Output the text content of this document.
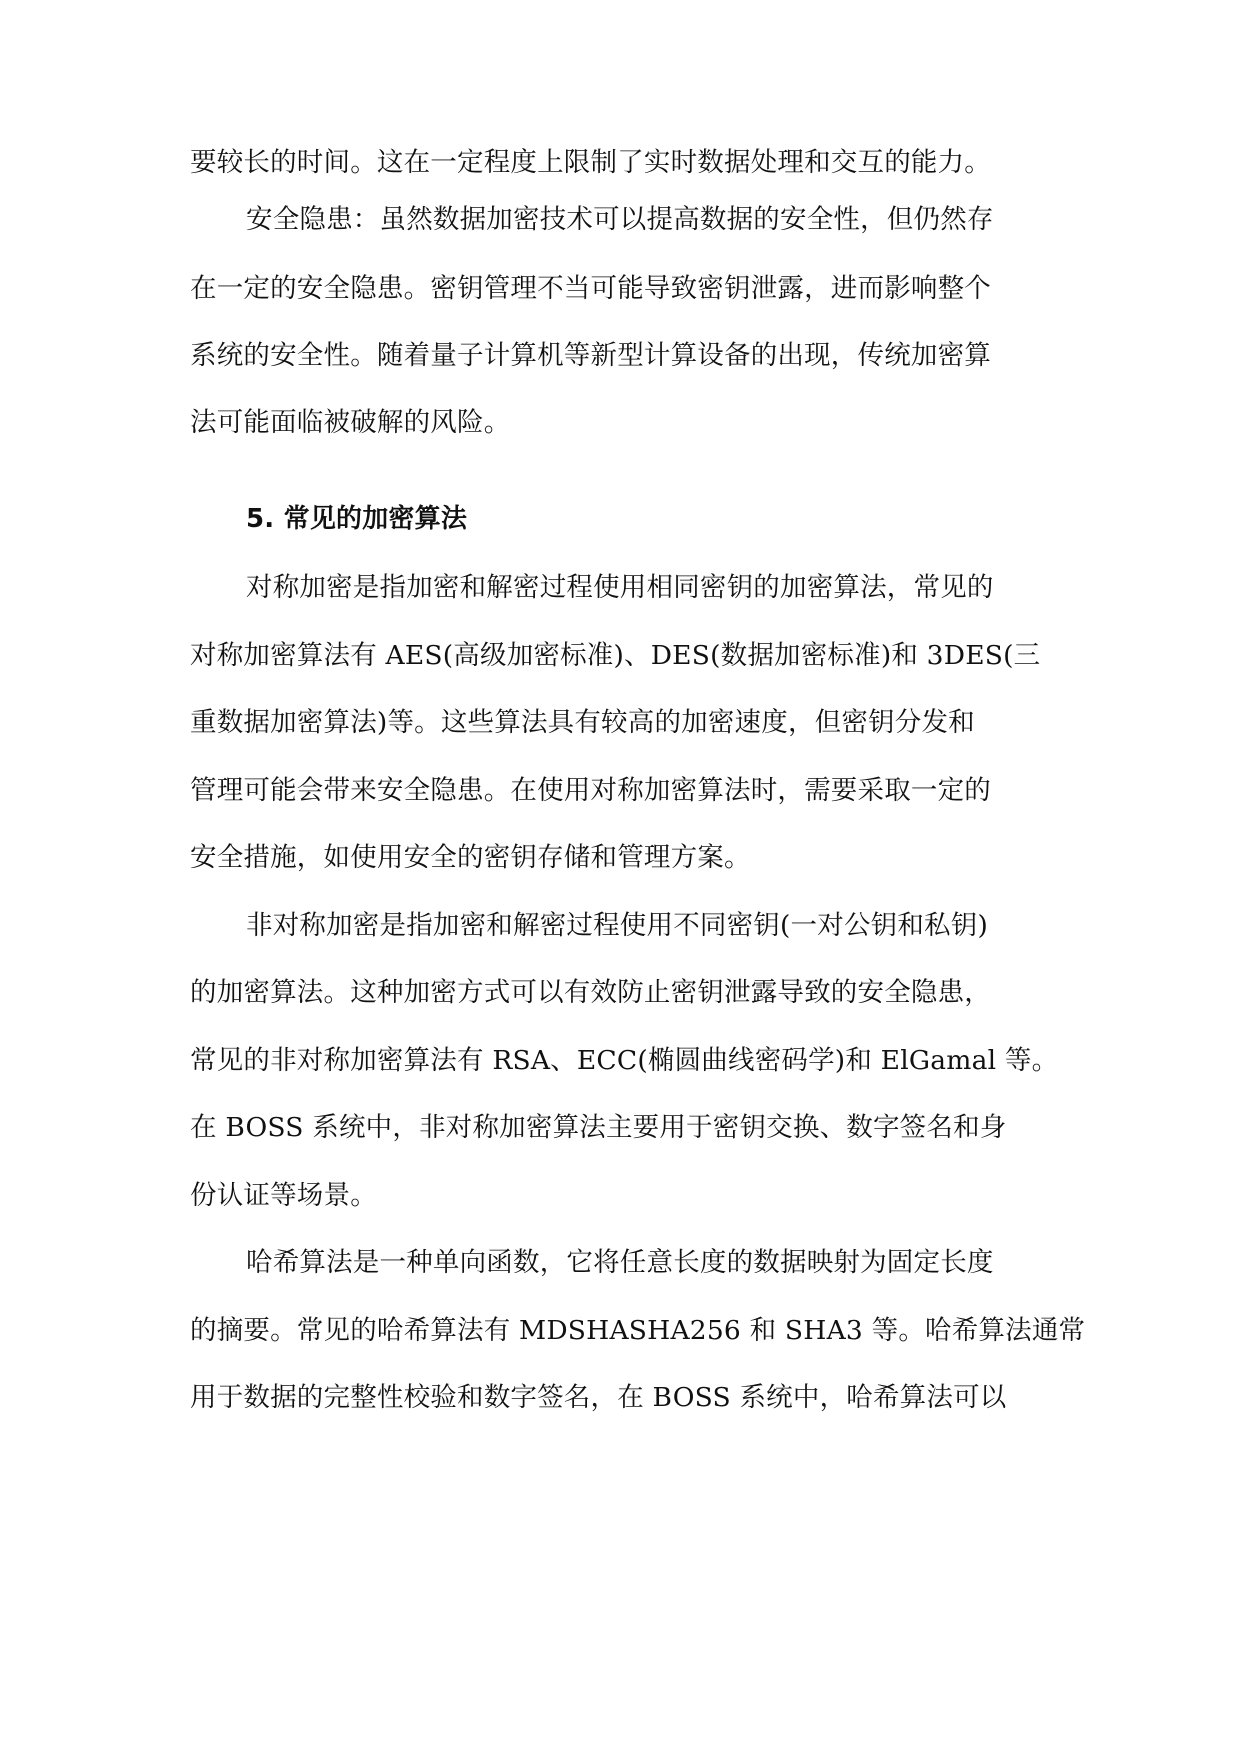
要较长的时间。这在一定程度上限制了实时数据处理和交互的能力。
安全隐患：虽然数据加密技术可以提高数据的安全性，但仍然存
在一定的安全隐患。密钥管理不当可能导致密钥泄露，进而影响整个
系统的安全性。随着量子计算机等新型计算设备的出现，传统加密算
法可能面临被破解的风险。
5. 常见的加密算法
对称加密是指加密和解密过程使用相同密钥的加密算法，常见的
对称加密算法有 AES(高级加密标准)、DES(数据加密标准)和 3DES(三
重数据加密算法)等。这些算法具有较高的加密速度，但密钥分发和
管理可能会带来安全隐患。在使用对称加密算法时，需要采取一定的
安全措施，如使用安全的密钥存储和管理方案。
非对称加密是指加密和解密过程使用不同密钥(一对公钥和私钥)
的加密算法。这种加密方式可以有效防止密钥泄露导致的安全隐患，
常见的非对称加密算法有 RSA、ECC(椭圆曲线密码学)和 ElGamal 等。
在 BOSS 系统中，非对称加密算法主要用于密钥交换、数字签名和身
份认证等场景。
哈希算法是一种单向函数，它将任意长度的数据映射为固定长度
的摘要。常见的哈希算法有 MDSHASHA256 和 SHA3 等。哈希算法通常
用于数据的完整性校验和数字签名，在 BOSS 系统中，哈希算法可以
